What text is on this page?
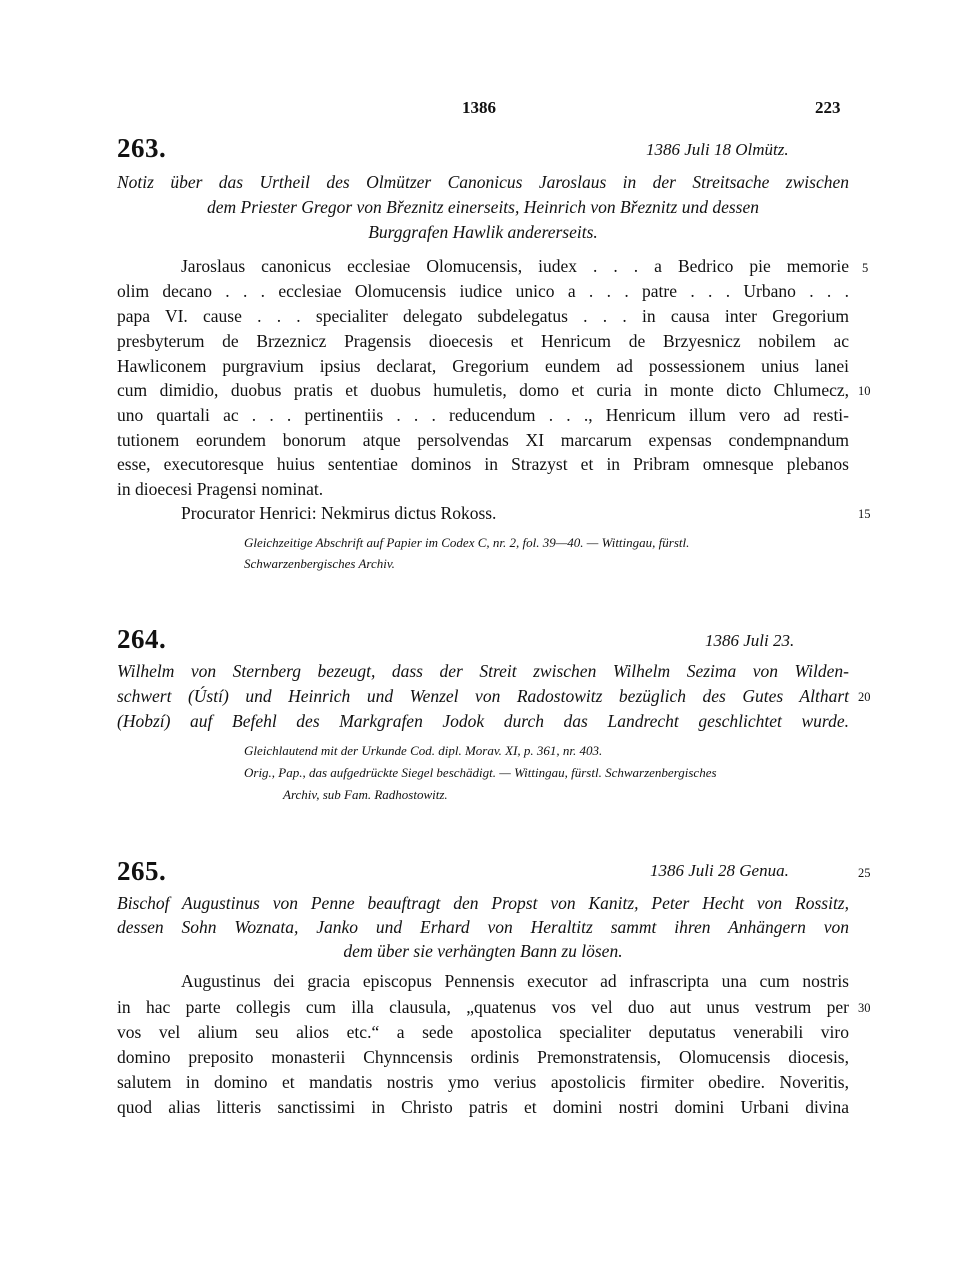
1386	223
263.	1386 Juli 18 Olmütz.
Notiz über das Urtheil des Olmützer Canonicus Jaroslaus in der Streitsache zwischen
dem Priester Gregor von Březnitz einerseits, Heinrich von Březnitz und dessen
Burggrafen Hawlik andererseits.
Jaroslaus canonicus ecclesiae Olomucensis, iudex . . . a Bedrico pie memorie
olim decano . . . ecclesiae Olomucensis iudice unico a . . . patre . . . Urbano . . .
papa VI. cause . . . specialiter delegato subdelegatus . . . in causa inter Gregorium
presbyterum de Brzeznicz Pragensis dioecesis et Henricum de Brzyesnicz nobilem ac
Hawliconem purgravium ipsius declarat, Gregorium eundem ad possessionem unius lanei
cum dimidio, duobus pratis et duobus humuletis, domo et curia in monte dicto Chlumecz,
uno quartali ac . . . pertinentiis . . . reducendum . . ., Henricum illum vero ad resti-
tutionem eorundem bonorum atque persolvendas XI marcarum expensas condempnandum
esse, executoresque huius sententiae dominos in Strazyst et in Pribram omnesque plebanos
in dioecesi Pragensi nominat.
Procurator Henrici: Nekmirus dictus Rokoss.
Gleichzeitige Abschrift auf Papier im Codex C, nr. 2, fol. 39—40. — Wittingau, fürstl.
Schwarzenbergisches Archiv.
264.	1386 Juli 23.
Wilhelm von Sternberg bezeugt, dass der Streit zwischen Wilhelm Sezima von Wilden-
schwert (Ústí) und Heinrich und Wenzel von Radostowitz bezüglich des Gutes Althart
(Hobzí) auf Befehl des Markgrafen Jodok durch das Landrecht geschlichtet wurde.
Gleichlautend mit der Urkunde Cod. dipl. Morav. XI, p. 361, nr. 403.
Orig., Pap., das aufgedrückte Siegel beschädigt. — Wittingau, fürstl. Schwarzenbergisches
Archiv, sub Fam. Radhostowitz.
265.	1386 Juli 28 Genua.
Bischof Augustinus von Penne beauftragt den Propst von Kanitz, Peter Hecht von Rossitz,
dessen Sohn Woznata, Janko und Erhard von Heraltitz sammt ihren Anhängern von
dem über sie verhängten Bann zu lösen.
Augustinus dei gracia episcopus Pennensis executor ad infrascripta una cum nostris
in hac parte collegis cum illa clausula, „quatenus vos vel duo aut unus vestrum per
vos vel alium seu alios etc.“ a sede apostolica specialiter deputatus venerabili viro
domino preposito monasterii Chynncensis ordinis Premonstratensis, Olomucensis diocesis,
salutem in domino et mandatis nostris ymo verius apostolicis firmiter obedire. Noveritis,
quod alias litteris sanctissimi in Christo patris et domini nostri domini Urbani divina
5
10
15
20
25
30
